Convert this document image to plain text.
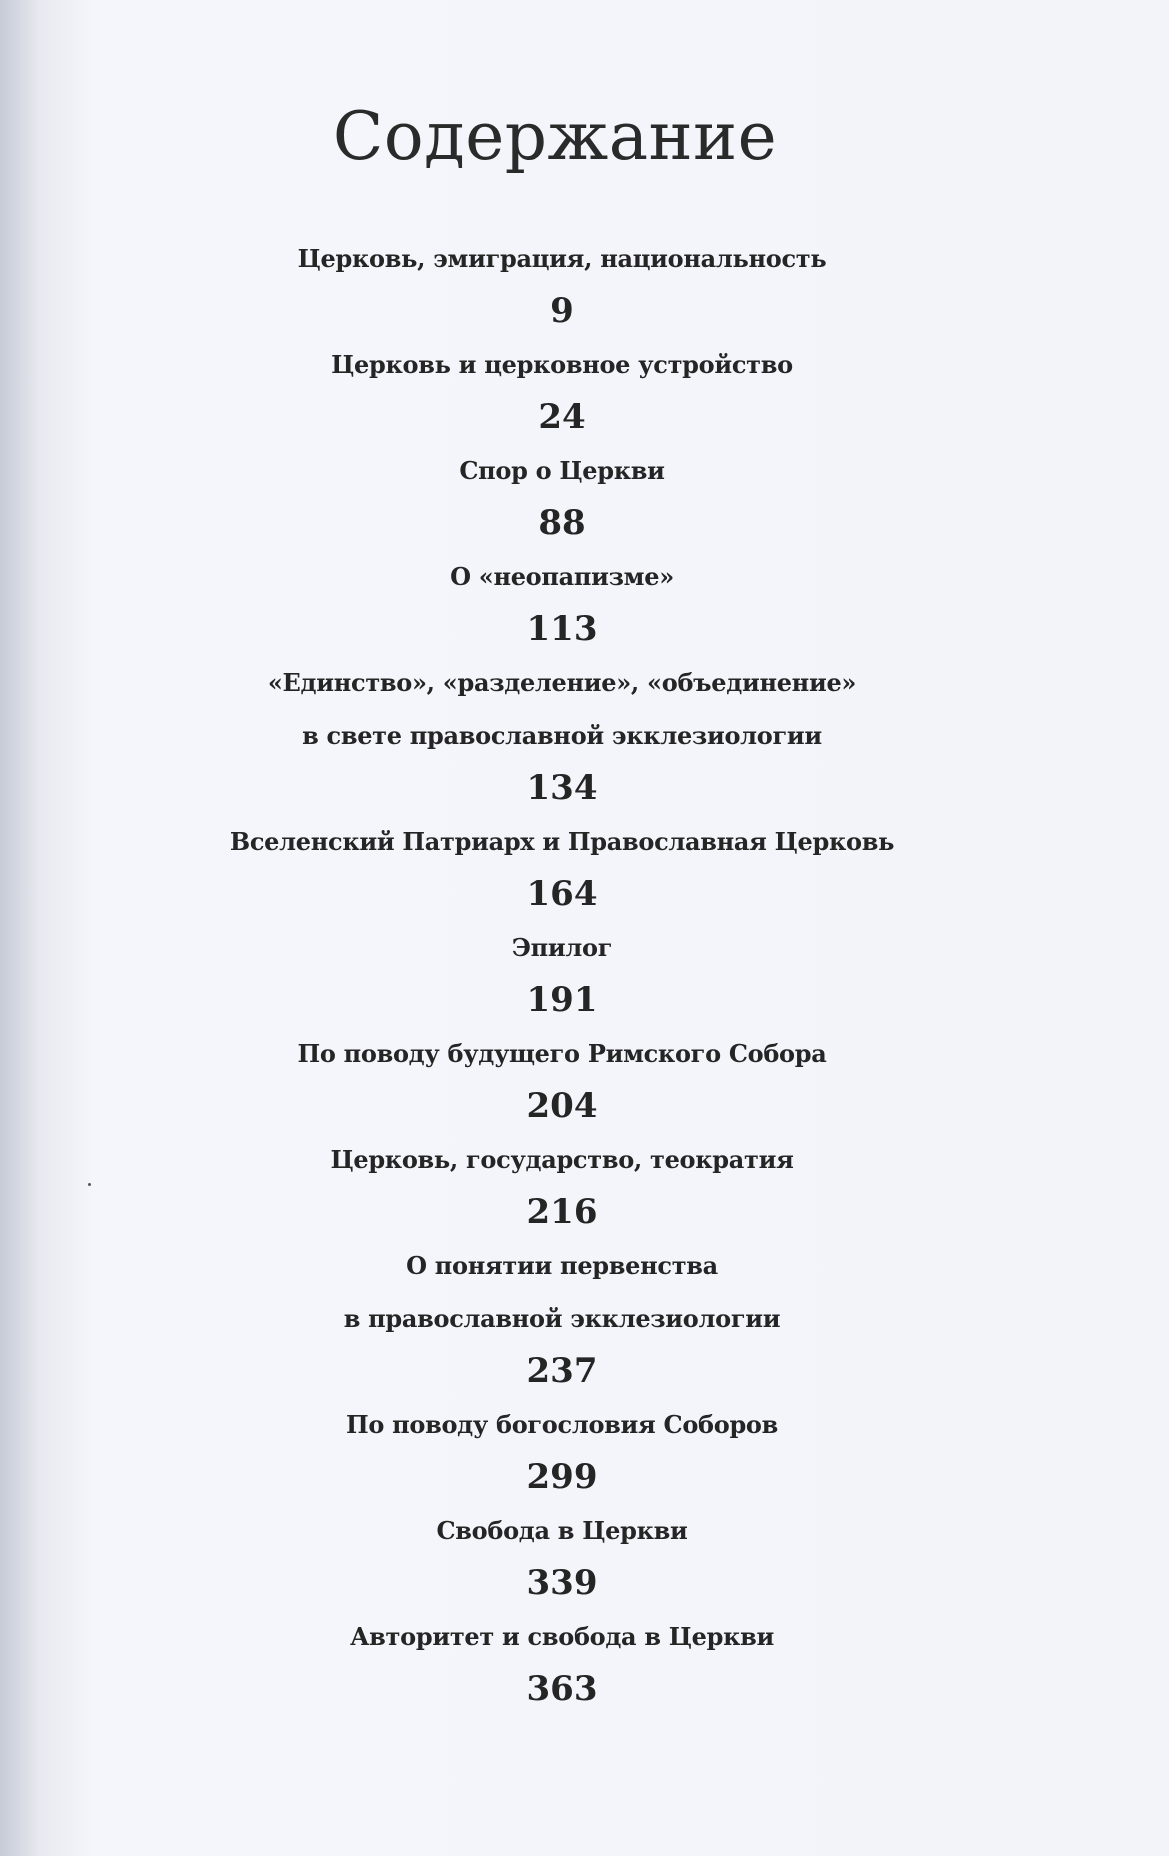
Содержание
Церковь, эмиграция, национальность
9
Церковь и церковное устройство
24
Спор о Церкви
88
О «неопапизме»
113
«Единство», «разделение», «объединение»
в свете православной экклезиологии
134
Вселенский Патриарх и Православная Церковь
164
Эпилог
191
По поводу будущего Римского Собора
204
Церковь, государство, теократия
216
О понятии первенства
в православной экклезиологии
237
По поводу богословия Соборов
299
Свобода в Церкви
339
Авторитет и свобода в Церкви
363
